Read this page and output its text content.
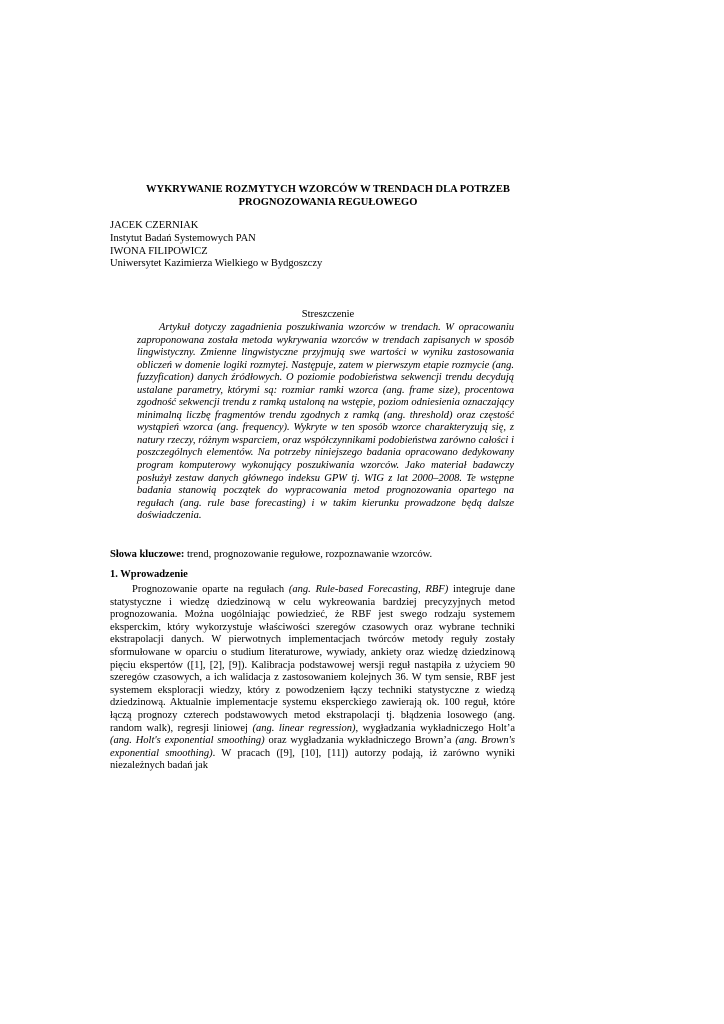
WYKRYWANIE ROZMYTYCH WZORCÓW W TRENDACH DLA POTRZEB
PROGNOZOWANIA REGUŁOWEGO
JACEK CZERNIAK
Instytut Badań Systemowych PAN
IWONA FILIPOWICZ
Uniwersytet Kazimierza Wielkiego w Bydgoszczy
Streszczenie

Artykuł dotyczy zagadnienia poszukiwania wzorców w trendach. W opracowaniu zaproponowana została metoda wykrywania wzorców w trendach zapisanych w sposób lingwistyczny. Zmienne lingwistyczne przyjmują swe wartości w wyniku zastosowania obliczeń w domenie logiki rozmytej. Następuje, zatem w pierwszym etapie rozmycie (ang. fuzzyfication) danych źródłowych. O poziomie podobieństwa sekwencji trendu decydują ustalane parametry, którymi są: rozmiar ramki wzorca (ang. frame size), procentowa zgodność sekwencji trendu z ramką ustaloną na wstępie, poziom odniesienia oznaczający minimalną liczbę fragmentów trendu zgodnych z ramką (ang. threshold) oraz częstość wystąpień wzorca (ang. frequency). Wykryte w ten sposób wzorce charakteryzują się, z natury rzeczy, różnym wsparciem, oraz współczynnikami podobieństwa zarówno całości i poszczególnych elementów. Na potrzeby niniejszego badania opracowano dedykowany program komputerowy wykonujący poszukiwania wzorców. Jako materiał badawczy posłużył zestaw danych głównego indeksu GPW tj. WIG z lat 2000–2008. Te wstępne badania stanowią początek do wypracowania metod prognozowania opartego na regułach (ang. rule base forecasting) i w takim kierunku prowadzone będą dalsze doświadczenia.

Słowa kluczowe: trend, prognozowanie regułowe, rozpoznawanie wzorców.
1. Wprowadzenie

Prognozowanie oparte na regułach (ang. Rule-based Forecasting, RBF) integruje dane statystyczne i wiedzę dziedzinową w celu wykreowania bardziej precyzyjnych metod prognozowania. Można uogólniając powiedzieć, że RBF jest swego rodzaju systemem eksperckim, który wykorzystuje właściwości szeregów czasowych oraz wybrane techniki ekstrapolacji danych. W pierwotnych implementacjach twórców metody reguły zostały sformułowane w oparciu o studium literaturowe, wywiady, ankiety oraz wiedzę dziedzinową pięciu ekspertów ([1], [2], [9]). Kalibracja podstawowej wersji reguł nastąpiła z użyciem 90 szeregów czasowych, a ich walidacja z zastosowaniem kolejnych 36. W tym sensie, RBF jest systemem eksploracji wiedzy, który z powodzeniem łączy techniki statystyczne z wiedzą dziedzinową. Aktualnie implementacje systemu eksperckiego zawierają ok. 100 reguł, które łączą prognozy czterech podstawowych metod ekstrapolacji tj. błądzenia losowego (ang. random walk), regresji liniowej (ang. linear regression), wygładzania wykładniczego Holt’a (ang. Holt's exponential smoothing) oraz wygładzania wykładniczego Brown’a (ang. Brown's exponential smoothing). W pracach ([9], [10], [11]) autorzy podają, iż zarówno wyniki niezależnych badań jak
